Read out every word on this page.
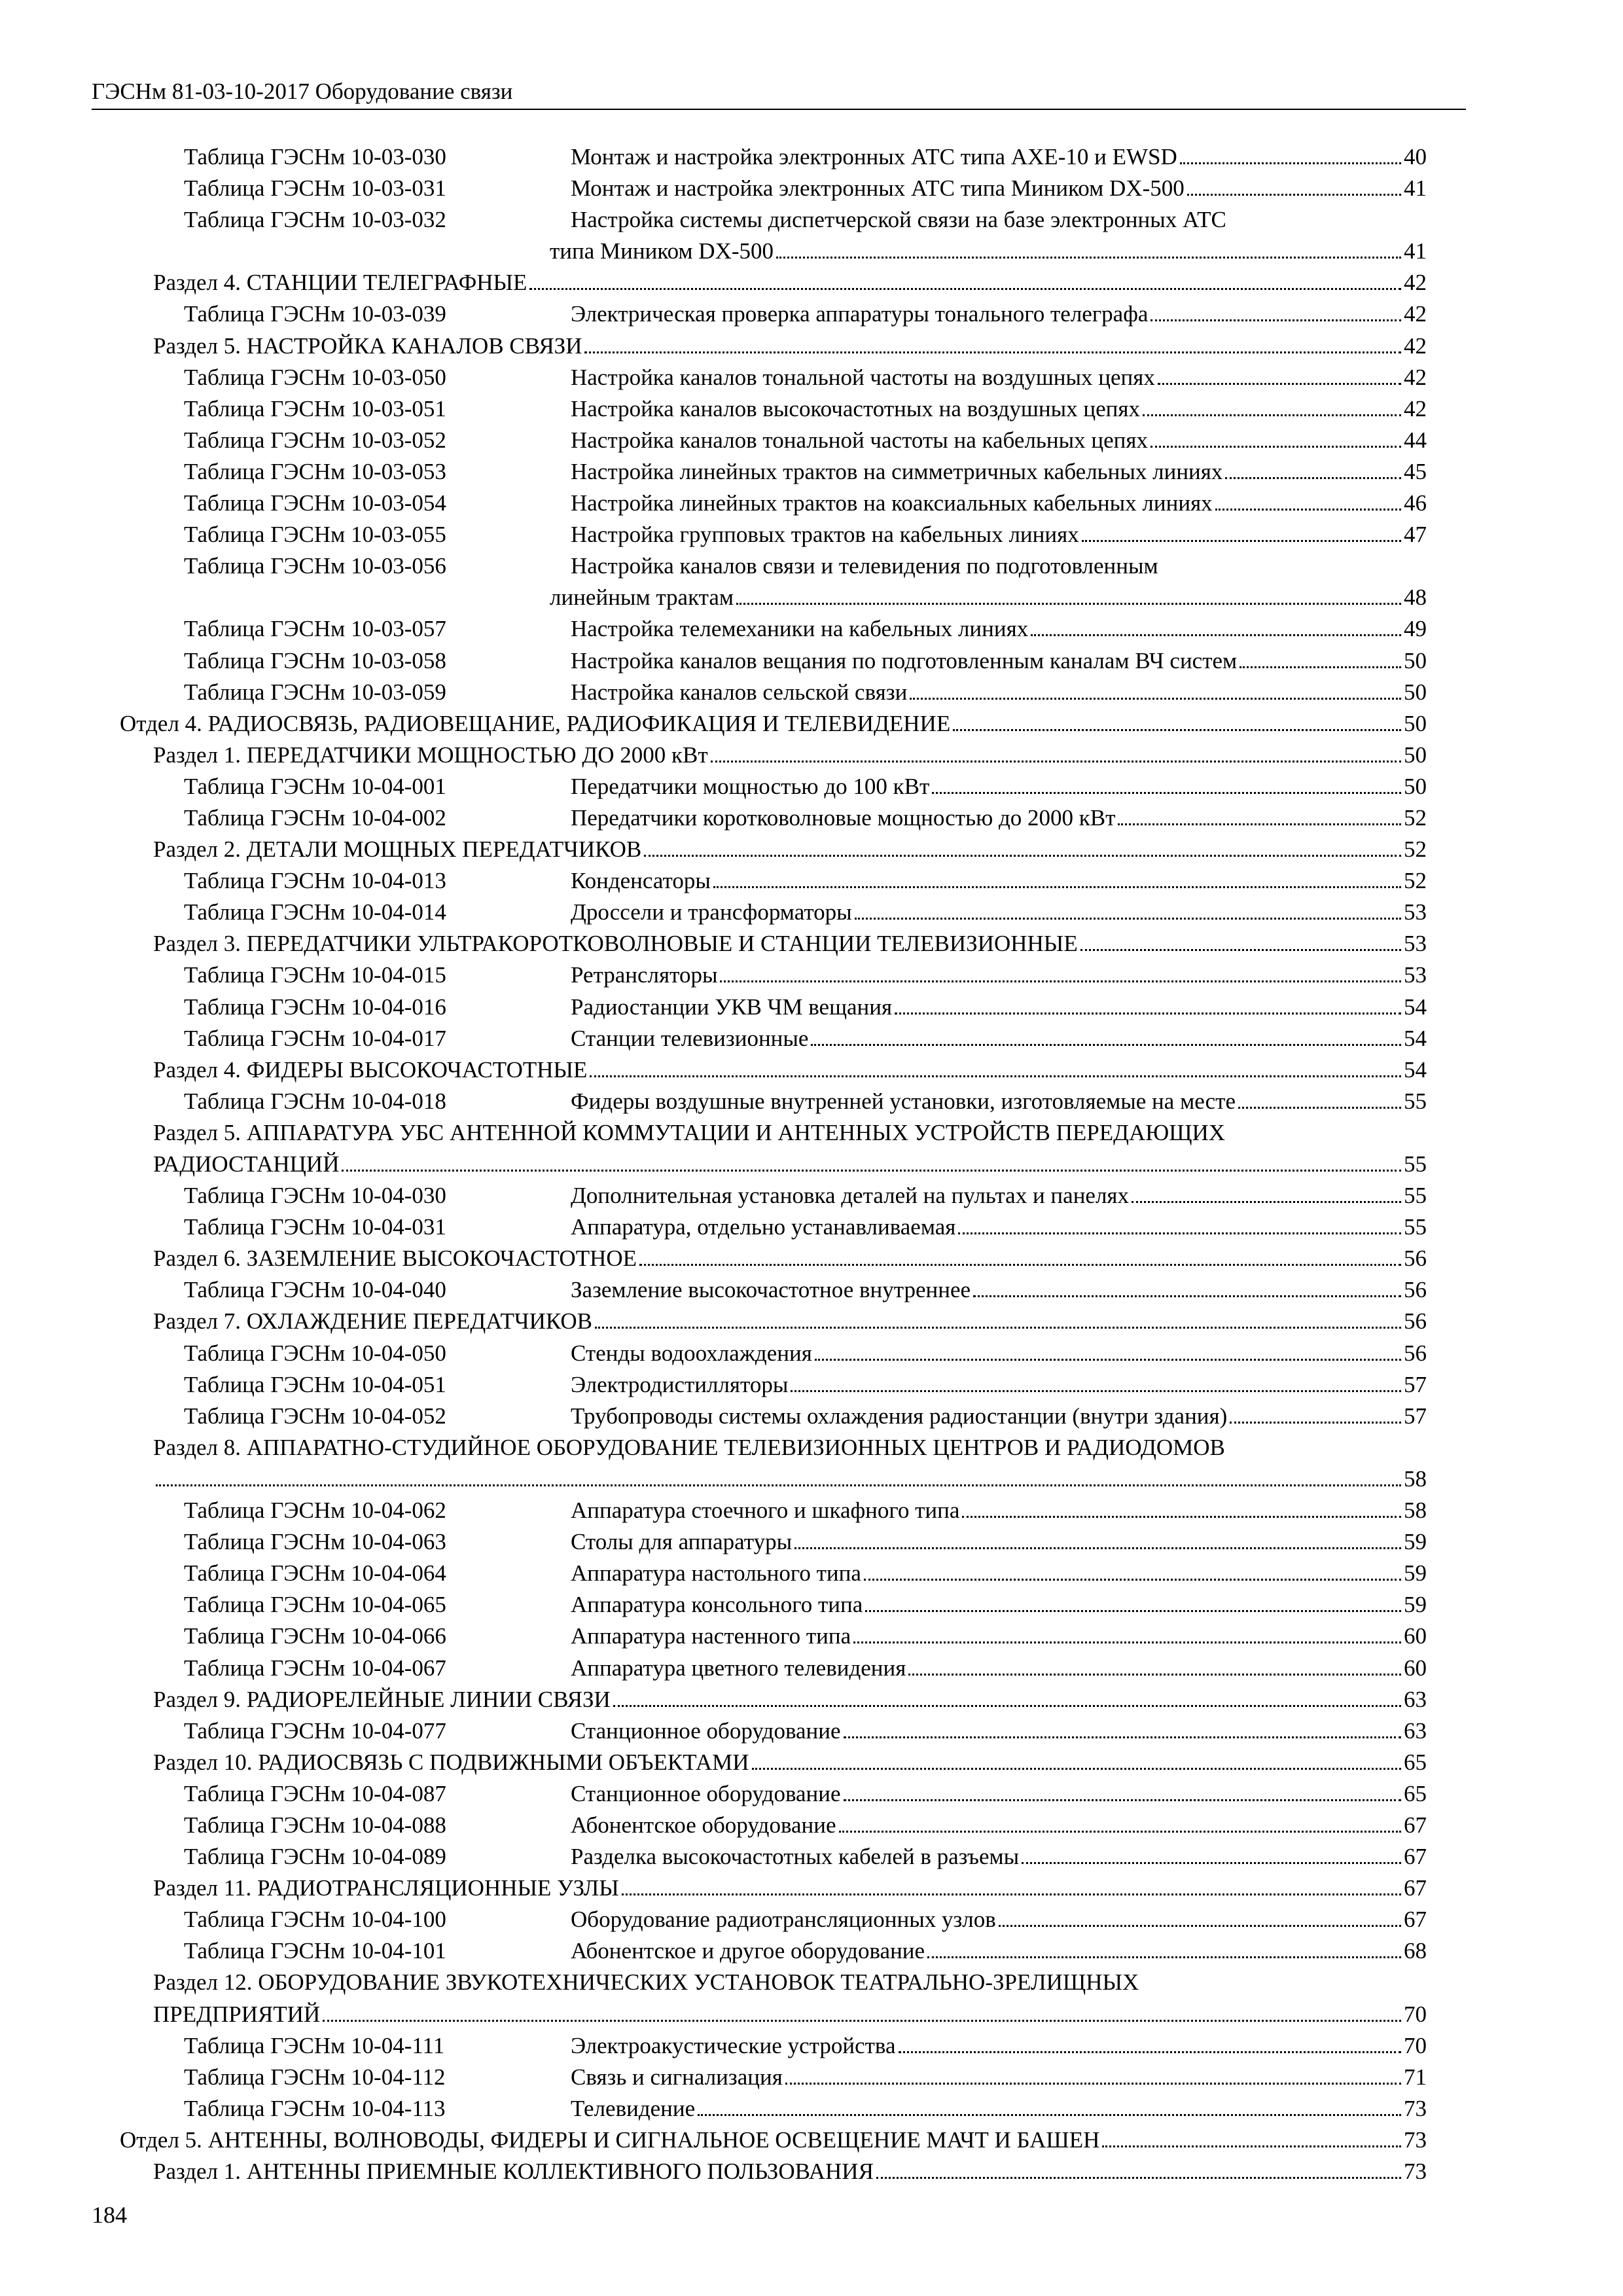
ГЭСНм 81-03-10-2017 Оборудование связи
Таблица ГЭСНм 10-03-030	Монтаж и настройка электронных АТС типа AXE-10 и EWSD	40
Таблица ГЭСНм 10-03-031	Монтаж и настройка электронных АТС типа Миником DX-500	41
Таблица ГЭСНм 10-03-032	Настройка системы диспетчерской связи на базе электронных АТС
типа Миником DX-500	41
Раздел 4. СТАНЦИИ ТЕЛЕГРАФНЫЕ	42
Таблица ГЭСНм 10-03-039	Электрическая проверка аппаратуры тонального телеграфа	42
Раздел 5. НАСТРОЙКА КАНАЛОВ СВЯЗИ	42
Таблица ГЭСНм 10-03-050	Настройка каналов тональной частоты на воздушных цепях	42
Таблица ГЭСНм 10-03-051	Настройка каналов высокочастотных на воздушных цепях	42
Таблица ГЭСНм 10-03-052	Настройка каналов тональной частоты на кабельных цепях	44
Таблица ГЭСНм 10-03-053	Настройка линейных трактов на симметричных кабельных линиях	45
Таблица ГЭСНм 10-03-054	Настройка линейных трактов на коаксиальных кабельных линиях	46
Таблица ГЭСНм 10-03-055	Настройка групповых трактов на кабельных линиях	47
Таблица ГЭСНм 10-03-056	Настройка каналов связи и телевидения по подготовленным
линейным трактам	48
Таблица ГЭСНм 10-03-057	Настройка телемеханики на кабельных линиях	49
Таблица ГЭСНм 10-03-058	Настройка каналов вещания по подготовленным каналам ВЧ систем	50
Таблица ГЭСНм 10-03-059	Настройка каналов сельской связи	50
Отдел 4. РАДИОСВЯЗЬ, РАДИОВЕЩАНИЕ, РАДИОФИКАЦИЯ И ТЕЛЕВИДЕНИЕ	50
Раздел 1. ПЕРЕДАТЧИКИ МОЩНОСТЬЮ ДО 2000 кВт	50
Таблица ГЭСНм 10-04-001	Передатчики мощностью до 100 кВт	50
Таблица ГЭСНм 10-04-002	Передатчики коротковолновые мощностью до 2000 кВт	52
Раздел 2. ДЕТАЛИ МОЩНЫХ ПЕРЕДАТЧИКОВ	52
Таблица ГЭСНм 10-04-013	Конденсаторы	52
Таблица ГЭСНм 10-04-014	Дроссели и трансформаторы	53
Раздел 3. ПЕРЕДАТЧИКИ УЛЬТРАКОРОТКОВОЛНОВЫЕ И СТАНЦИИ ТЕЛЕВИЗИОННЫЕ	53
Таблица ГЭСНм 10-04-015	Ретрансляторы	53
Таблица ГЭСНм 10-04-016	Радиостанции УКВ ЧМ вещания	54
Таблица ГЭСНм 10-04-017	Станции телевизионные	54
Раздел 4. ФИДЕРЫ ВЫСОКОЧАСТОТНЫЕ	54
Таблица ГЭСНм 10-04-018	Фидеры воздушные внутренней установки, изготовляемые на месте	55
Раздел 5. АППАРАТУРА УБС АНТЕННОЙ КОММУТАЦИИ И АНТЕННЫХ УСТРОЙСТВ ПЕРЕДАЮЩИХ
РАДИОСТАНЦИЙ	55
Таблица ГЭСНм 10-04-030	Дополнительная установка деталей на пультах и панелях	55
Таблица ГЭСНм 10-04-031	Аппаратура, отдельно устанавливаемая	55
Раздел 6. ЗАЗЕМЛЕНИЕ ВЫСОКОЧАСТОТНОЕ	56
Таблица ГЭСНм 10-04-040	Заземление высокочастотное внутреннее	56
Раздел 7. ОХЛАЖДЕНИЕ ПЕРЕДАТЧИКОВ	56
Таблица ГЭСНм 10-04-050	Стенды водоохлаждения	56
Таблица ГЭСНм 10-04-051	Электродистилляторы	57
Таблица ГЭСНм 10-04-052	Трубопроводы системы охлаждения радиостанции (внутри здания)	57
Раздел 8. АППАРАТНО-СТУДИЙНОЕ ОБОРУДОВАНИЕ ТЕЛЕВИЗИОННЫХ ЦЕНТРОВ И РАДИОДОМОВ
58
Таблица ГЭСНм 10-04-062	Аппаратура стоечного и шкафного типа	58
Таблица ГЭСНм 10-04-063	Столы для аппаратуры	59
Таблица ГЭСНм 10-04-064	Аппаратура настольного типа	59
Таблица ГЭСНм 10-04-065	Аппаратура консольного типа	59
Таблица ГЭСНм 10-04-066	Аппаратура настенного типа	60
Таблица ГЭСНм 10-04-067	Аппаратура цветного телевидения	60
Раздел 9. РАДИОРЕЛЕЙНЫЕ ЛИНИИ СВЯЗИ	63
Таблица ГЭСНм 10-04-077	Станционное оборудование	63
Раздел 10. РАДИОСВЯЗЬ С ПОДВИЖНЫМИ ОБЪЕКТАМИ	65
Таблица ГЭСНм 10-04-087	Станционное оборудование	65
Таблица ГЭСНм 10-04-088	Абонентское оборудование	67
Таблица ГЭСНм 10-04-089	Разделка высокочастотных кабелей в разъемы	67
Раздел 11. РАДИОТРАНСЛЯЦИОННЫЕ УЗЛЫ	67
Таблица ГЭСНм 10-04-100	Оборудование радиотрансляционных узлов	67
Таблица ГЭСНм 10-04-101	Абонентское и другое оборудование	68
Раздел 12. ОБОРУДОВАНИЕ ЗВУКОТЕХНИЧЕСКИХ УСТАНОВОК ТЕАТРАЛЬНО-ЗРЕЛИЩНЫХ
ПРЕДПРИЯТИЙ	70
Таблица ГЭСНм 10-04-111	Электроакустические устройства	70
Таблица ГЭСНм 10-04-112	Связь и сигнализация	71
Таблица ГЭСНм 10-04-113	Телевидение	73
Отдел 5. АНТЕННЫ, ВОЛНОВОДЫ, ФИДЕРЫ И СИГНАЛЬНОЕ ОСВЕЩЕНИЕ МАЧТ И БАШЕН	73
Раздел 1. АНТЕННЫ ПРИЕМНЫЕ КОЛЛЕКТИВНОГО ПОЛЬЗОВАНИЯ	73
184
